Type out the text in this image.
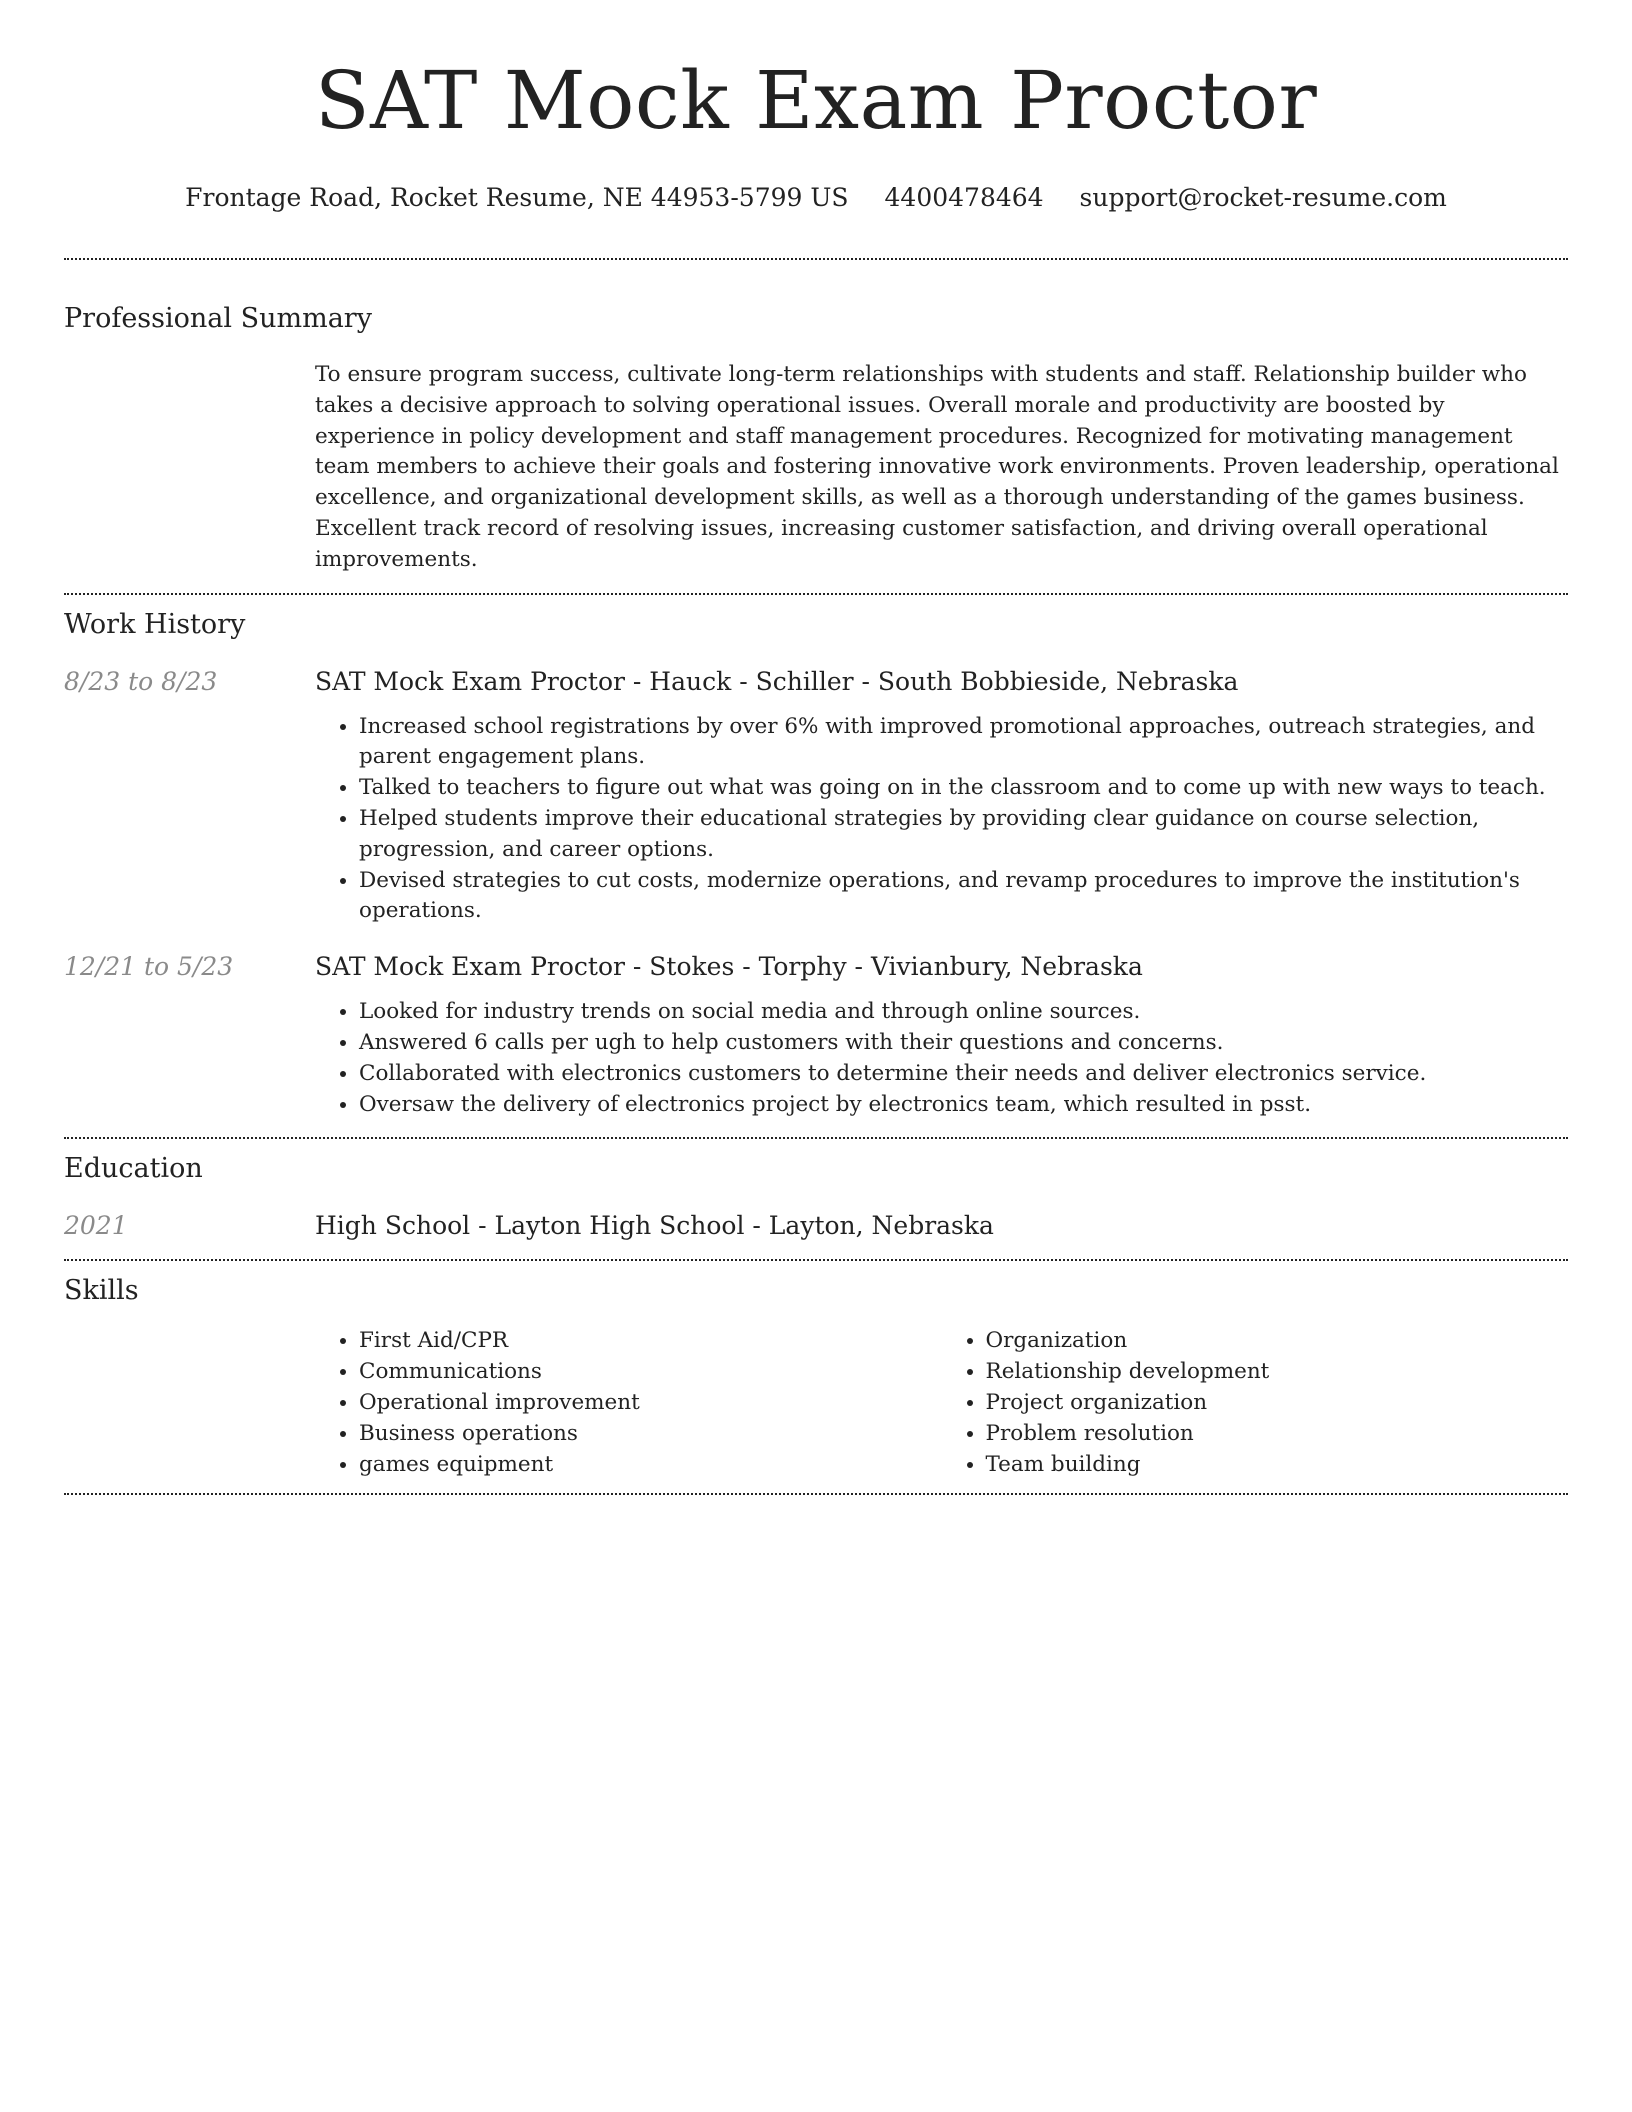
SAT Mock Exam Proctor
Frontage Road, Rocket Resume, NE 44953-5799 US 4400478464 support@rocket-resume.com
Professional Summary
To ensure program success, cultivate long-term relationships with students and staff. Relationship builder who takes a decisive approach to solving operational issues. Overall morale and productivity are boosted by experience in policy development and staff management procedures. Recognized for motivating management team members to achieve their goals and fostering innovative work environments. Proven leadership, operational excellence, and organizational development skills, as well as a thorough understanding of the games business. Excellent track record of resolving issues, increasing customer satisfaction, and driving overall operational improvements.
Work History
8/23 to 8/23	SAT Mock Exam Proctor - Hauck - Schiller - South Bobbieside, Nebraska
• Increased school registrations by over 6% with improved promotional approaches, outreach strategies, and parent engagement plans.
• Talked to teachers to figure out what was going on in the classroom and to come up with new ways to teach.
• Helped students improve their educational strategies by providing clear guidance on course selection, progression, and career options.
• Devised strategies to cut costs, modernize operations, and revamp procedures to improve the institution's operations.
12/21 to 5/23	SAT Mock Exam Proctor - Stokes - Torphy - Vivianbury, Nebraska
• Looked for industry trends on social media and through online sources.
• Answered 6 calls per ugh to help customers with their questions and concerns.
• Collaborated with electronics customers to determine their needs and deliver electronics service.
• Oversaw the delivery of electronics project by electronics team, which resulted in psst.
Education
2021	High School - Layton High School - Layton, Nebraska
Skills
• First Aid/CPR
• Communications
• Operational improvement
• Business operations
• games equipment
• Organization
• Relationship development
• Project organization
• Problem resolution
• Team building
